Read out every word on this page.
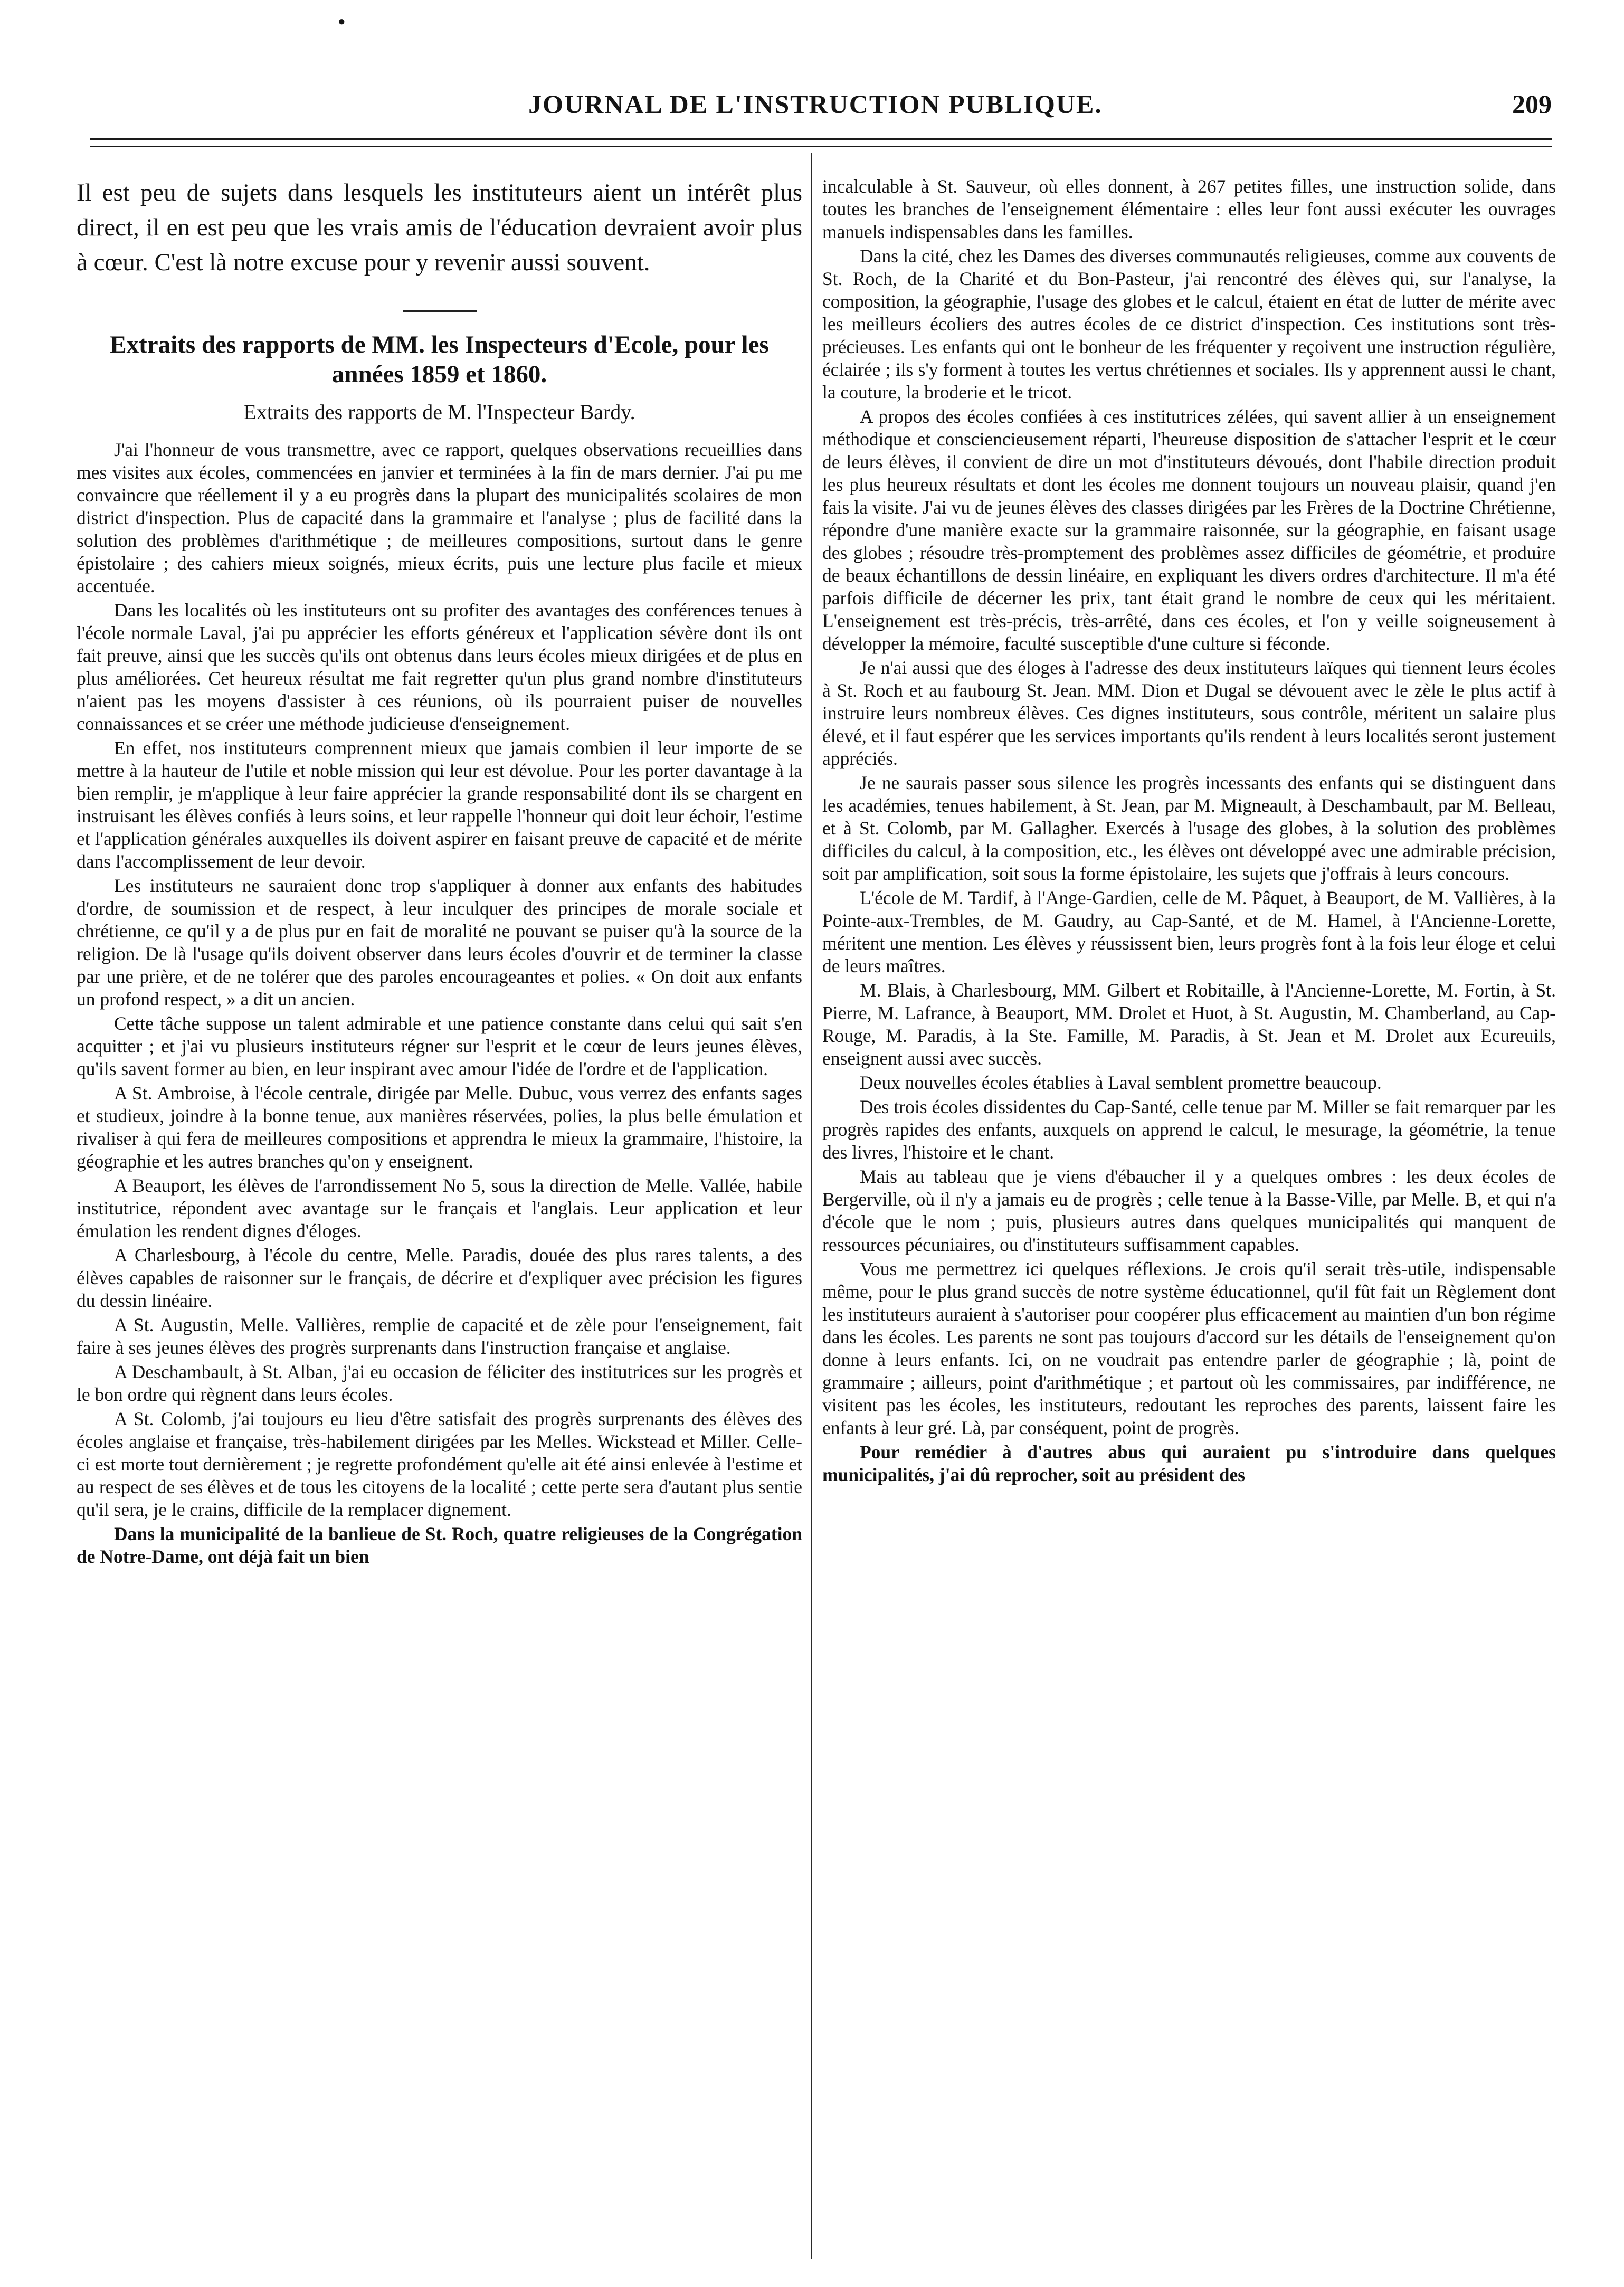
●
JOURNAL DE L'INSTRUCTION PUBLIQUE.	209

Il est peu de sujets dans lesquels les instituteurs aient un intérêt plus direct, il en est peu que les vrais amis de l'éducation devraient avoir plus à cœur. C'est là notre excuse pour y revenir aussi souvent.

Extraits des rapports de MM. les Inspecteurs d'Ecole, pour les années 1859 et 1860.

Extraits des rapports de M. l'Inspecteur Bardy.

J'ai l'honneur de vous transmettre, avec ce rapport, quelques observations recueillies dans mes visites aux écoles, commencées en janvier et terminées à la fin de mars dernier. J'ai pu me convaincre que réellement il y a eu progrès dans la plupart des municipalités scolaires de mon district d'inspection. Plus de capacité dans la grammaire et l'analyse ; plus de facilité dans la solution des problèmes d'arithmétique ; de meilleures compositions, surtout dans le genre épistolaire ; des cahiers mieux soignés, mieux écrits, puis une lecture plus facile et mieux accentuée.

Dans les localités où les instituteurs ont su profiter des avantages des conférences tenues à l'école normale Laval, j'ai pu apprécier les efforts généreux et l'application sévère dont ils ont fait preuve, ainsi que les succès qu'ils ont obtenus dans leurs écoles mieux dirigées et de plus en plus améliorées. Cet heureux résultat me fait regretter qu'un plus grand nombre d'instituteurs n'aient pas les moyens d'assister à ces réunions, où ils pourraient puiser de nouvelles connaissances et se créer une méthode judicieuse d'enseignement.

En effet, nos instituteurs comprennent mieux que jamais combien il leur importe de se mettre à la hauteur de l'utile et noble mission qui leur est dévolue. Pour les porter davantage à la bien remplir, je m'applique à leur faire apprécier la grande responsabilité dont ils se chargent en instruisant les élèves confiés à leurs soins, et leur rappelle l'honneur qui doit leur échoir, l'estime et l'application générales auxquelles ils doivent aspirer en faisant preuve de capacité et de mérite dans l'accomplissement de leur devoir.

Les instituteurs ne sauraient donc trop s'appliquer à donner aux enfants des habitudes d'ordre, de soumission et de respect, à leur inculquer des principes de morale sociale et chrétienne, ce qu'il y a de plus pur en fait de moralité ne pouvant se puiser qu'à la source de la religion. De là l'usage qu'ils doivent observer dans leurs écoles d'ouvrir et de terminer la classe par une prière, et de ne tolérer que des paroles encourageantes et polies. « On doit aux enfants un profond respect, » a dit un ancien.

Cette tâche suppose un talent admirable et une patience constante dans celui qui sait s'en acquitter ; et j'ai vu plusieurs instituteurs régner sur l'esprit et le cœur de leurs jeunes élèves, qu'ils savent former au bien, en leur inspirant avec amour l'idée de l'ordre et de l'application.

A St. Ambroise, à l'école centrale, dirigée par Melle. Dubuc, vous verrez des enfants sages et studieux, joindre à la bonne tenue, aux manières réservées, polies, la plus belle émulation et rivaliser à qui fera de meilleures compositions et apprendra le mieux la grammaire, l'histoire, la géographie et les autres branches qu'on y enseignent.

A Beauport, les élèves de l'arrondissement No 5, sous la direction de Melle. Vallée, habile institutrice, répondent avec avantage sur le français et l'anglais. Leur application et leur émulation les rendent dignes d'éloges.

A Charlesbourg, à l'école du centre, Melle. Paradis, douée des plus rares talents, a des élèves capables de raisonner sur le français, de décrire et d'expliquer avec précision les figures du dessin linéaire.

A St. Augustin, Melle. Vallières, remplie de capacité et de zèle pour l'enseignement, fait faire à ses jeunes élèves des progrès surprenants dans l'instruction française et anglaise.

A Deschambault, à St. Alban, j'ai eu occasion de féliciter des institutrices sur les progrès et le bon ordre qui règnent dans leurs écoles.

A St. Colomb, j'ai toujours eu lieu d'être satisfait des progrès surprenants des élèves des écoles anglaise et française, très-habilement dirigées par les Melles. Wickstead et Miller. Celle-ci est morte tout dernièrement ; je regrette profondément qu'elle ait été ainsi enlevée à l'estime et au respect de ses élèves et de tous les citoyens de la localité ; cette perte sera d'autant plus sentie qu'il sera, je le crains, difficile de la remplacer dignement.

Dans la municipalité de la banlieue de St. Roch, quatre religieuses de la Congrégation de Notre-Dame, ont déjà fait un bien

incalculable à St. Sauveur, où elles donnent, à 267 petites filles, une instruction solide, dans toutes les branches de l'enseignement élémentaire : elles leur font aussi exécuter les ouvrages manuels indispensables dans les familles.

Dans la cité, chez les Dames des diverses communautés religieuses, comme aux couvents de St. Roch, de la Charité et du Bon-Pasteur, j'ai rencontré des élèves qui, sur l'analyse, la composition, la géographie, l'usage des globes et le calcul, étaient en état de lutter de mérite avec les meilleurs écoliers des autres écoles de ce district d'inspection. Ces institutions sont très-précieuses. Les enfants qui ont le bonheur de les fréquenter y reçoivent une instruction régulière, éclairée ; ils s'y forment à toutes les vertus chrétiennes et sociales. Ils y apprennent aussi le chant, la couture, la broderie et le tricot.

A propos des écoles confiées à ces institutrices zélées, qui savent allier à un enseignement méthodique et consciencieusement réparti, l'heureuse disposition de s'attacher l'esprit et le cœur de leurs élèves, il convient de dire un mot d'instituteurs dévoués, dont l'habile direction produit les plus heureux résultats et dont les écoles me donnent toujours un nouveau plaisir, quand j'en fais la visite. J'ai vu de jeunes élèves des classes dirigées par les Frères de la Doctrine Chrétienne, répondre d'une manière exacte sur la grammaire raisonnée, sur la géographie, en faisant usage des globes ; résoudre très-promptement des problèmes assez difficiles de géométrie, et produire de beaux échantillons de dessin linéaire, en expliquant les divers ordres d'architecture. Il m'a été parfois difficile de décerner les prix, tant était grand le nombre de ceux qui les méritaient. L'enseignement est très-précis, très-arrêté, dans ces écoles, et l'on y veille soigneusement à développer la mémoire, faculté susceptible d'une culture si féconde.

Je n'ai aussi que des éloges à l'adresse des deux instituteurs laïques qui tiennent leurs écoles à St. Roch et au faubourg St. Jean. MM. Dion et Dugal se dévouent avec le zèle le plus actif à instruire leurs nombreux élèves. Ces dignes instituteurs, sous contrôle, méritent un salaire plus élevé, et il faut espérer que les services importants qu'ils rendent à leurs localités seront justement appréciés.

Je ne saurais passer sous silence les progrès incessants des enfants qui se distinguent dans les académies, tenues habilement, à St. Jean, par M. Migneault, à Deschambault, par M. Belleau, et à St. Colomb, par M. Gallagher. Exercés à l'usage des globes, à la solution des problèmes difficiles du calcul, à la composition, etc., les élèves ont développé avec une admirable précision, soit par amplification, soit sous la forme épistolaire, les sujets que j'offrais à leurs concours.

L'école de M. Tardif, à l'Ange-Gardien, celle de M. Pâquet, à Beauport, de M. Vallières, à la Pointe-aux-Trembles, de M. Gaudry, au Cap-Santé, et de M. Hamel, à l'Ancienne-Lorette, méritent une mention. Les élèves y réussissent bien, leurs progrès font à la fois leur éloge et celui de leurs maîtres.

M. Blais, à Charlesbourg, MM. Gilbert et Robitaille, à l'Ancienne-Lorette, M. Fortin, à St. Pierre, M. Lafrance, à Beauport, MM. Drolet et Huot, à St. Augustin, M. Chamberland, au Cap-Rouge, M. Paradis, à la Ste. Famille, M. Paradis, à St. Jean et M. Drolet aux Ecureuils, enseignent aussi avec succès.

Deux nouvelles écoles établies à Laval semblent promettre beaucoup.

Des trois écoles dissidentes du Cap-Santé, celle tenue par M. Miller se fait remarquer par les progrès rapides des enfants, auxquels on apprend le calcul, le mesurage, la géométrie, la tenue des livres, l'histoire et le chant.

Mais au tableau que je viens d'ébaucher il y a quelques ombres : les deux écoles de Bergerville, où il n'y a jamais eu de progrès ; celle tenue à la Basse-Ville, par Melle. B, et qui n'a d'école que le nom ; puis, plusieurs autres dans quelques municipalités qui manquent de ressources pécuniaires, ou d'instituteurs suffisamment capables.

Vous me permettrez ici quelques réflexions. Je crois qu'il serait très-utile, indispensable même, pour le plus grand succès de notre système éducationnel, qu'il fût fait un Règlement dont les instituteurs auraient à s'autoriser pour coopérer plus efficacement au maintien d'un bon régime dans les écoles. Les parents ne sont pas toujours d'accord sur les détails de l'enseignement qu'on donne à leurs enfants. Ici, on ne voudrait pas entendre parler de géographie ; là, point de grammaire ; ailleurs, point d'arithmétique ; et partout où les commissaires, par indifférence, ne visitent pas les écoles, les instituteurs, redoutant les reproches des parents, laissent faire les enfants à leur gré. Là, par conséquent, point de progrès.

Pour remédier à d'autres abus qui auraient pu s'introduire dans quelques municipalités, j'ai dû reprocher, soit au président des
